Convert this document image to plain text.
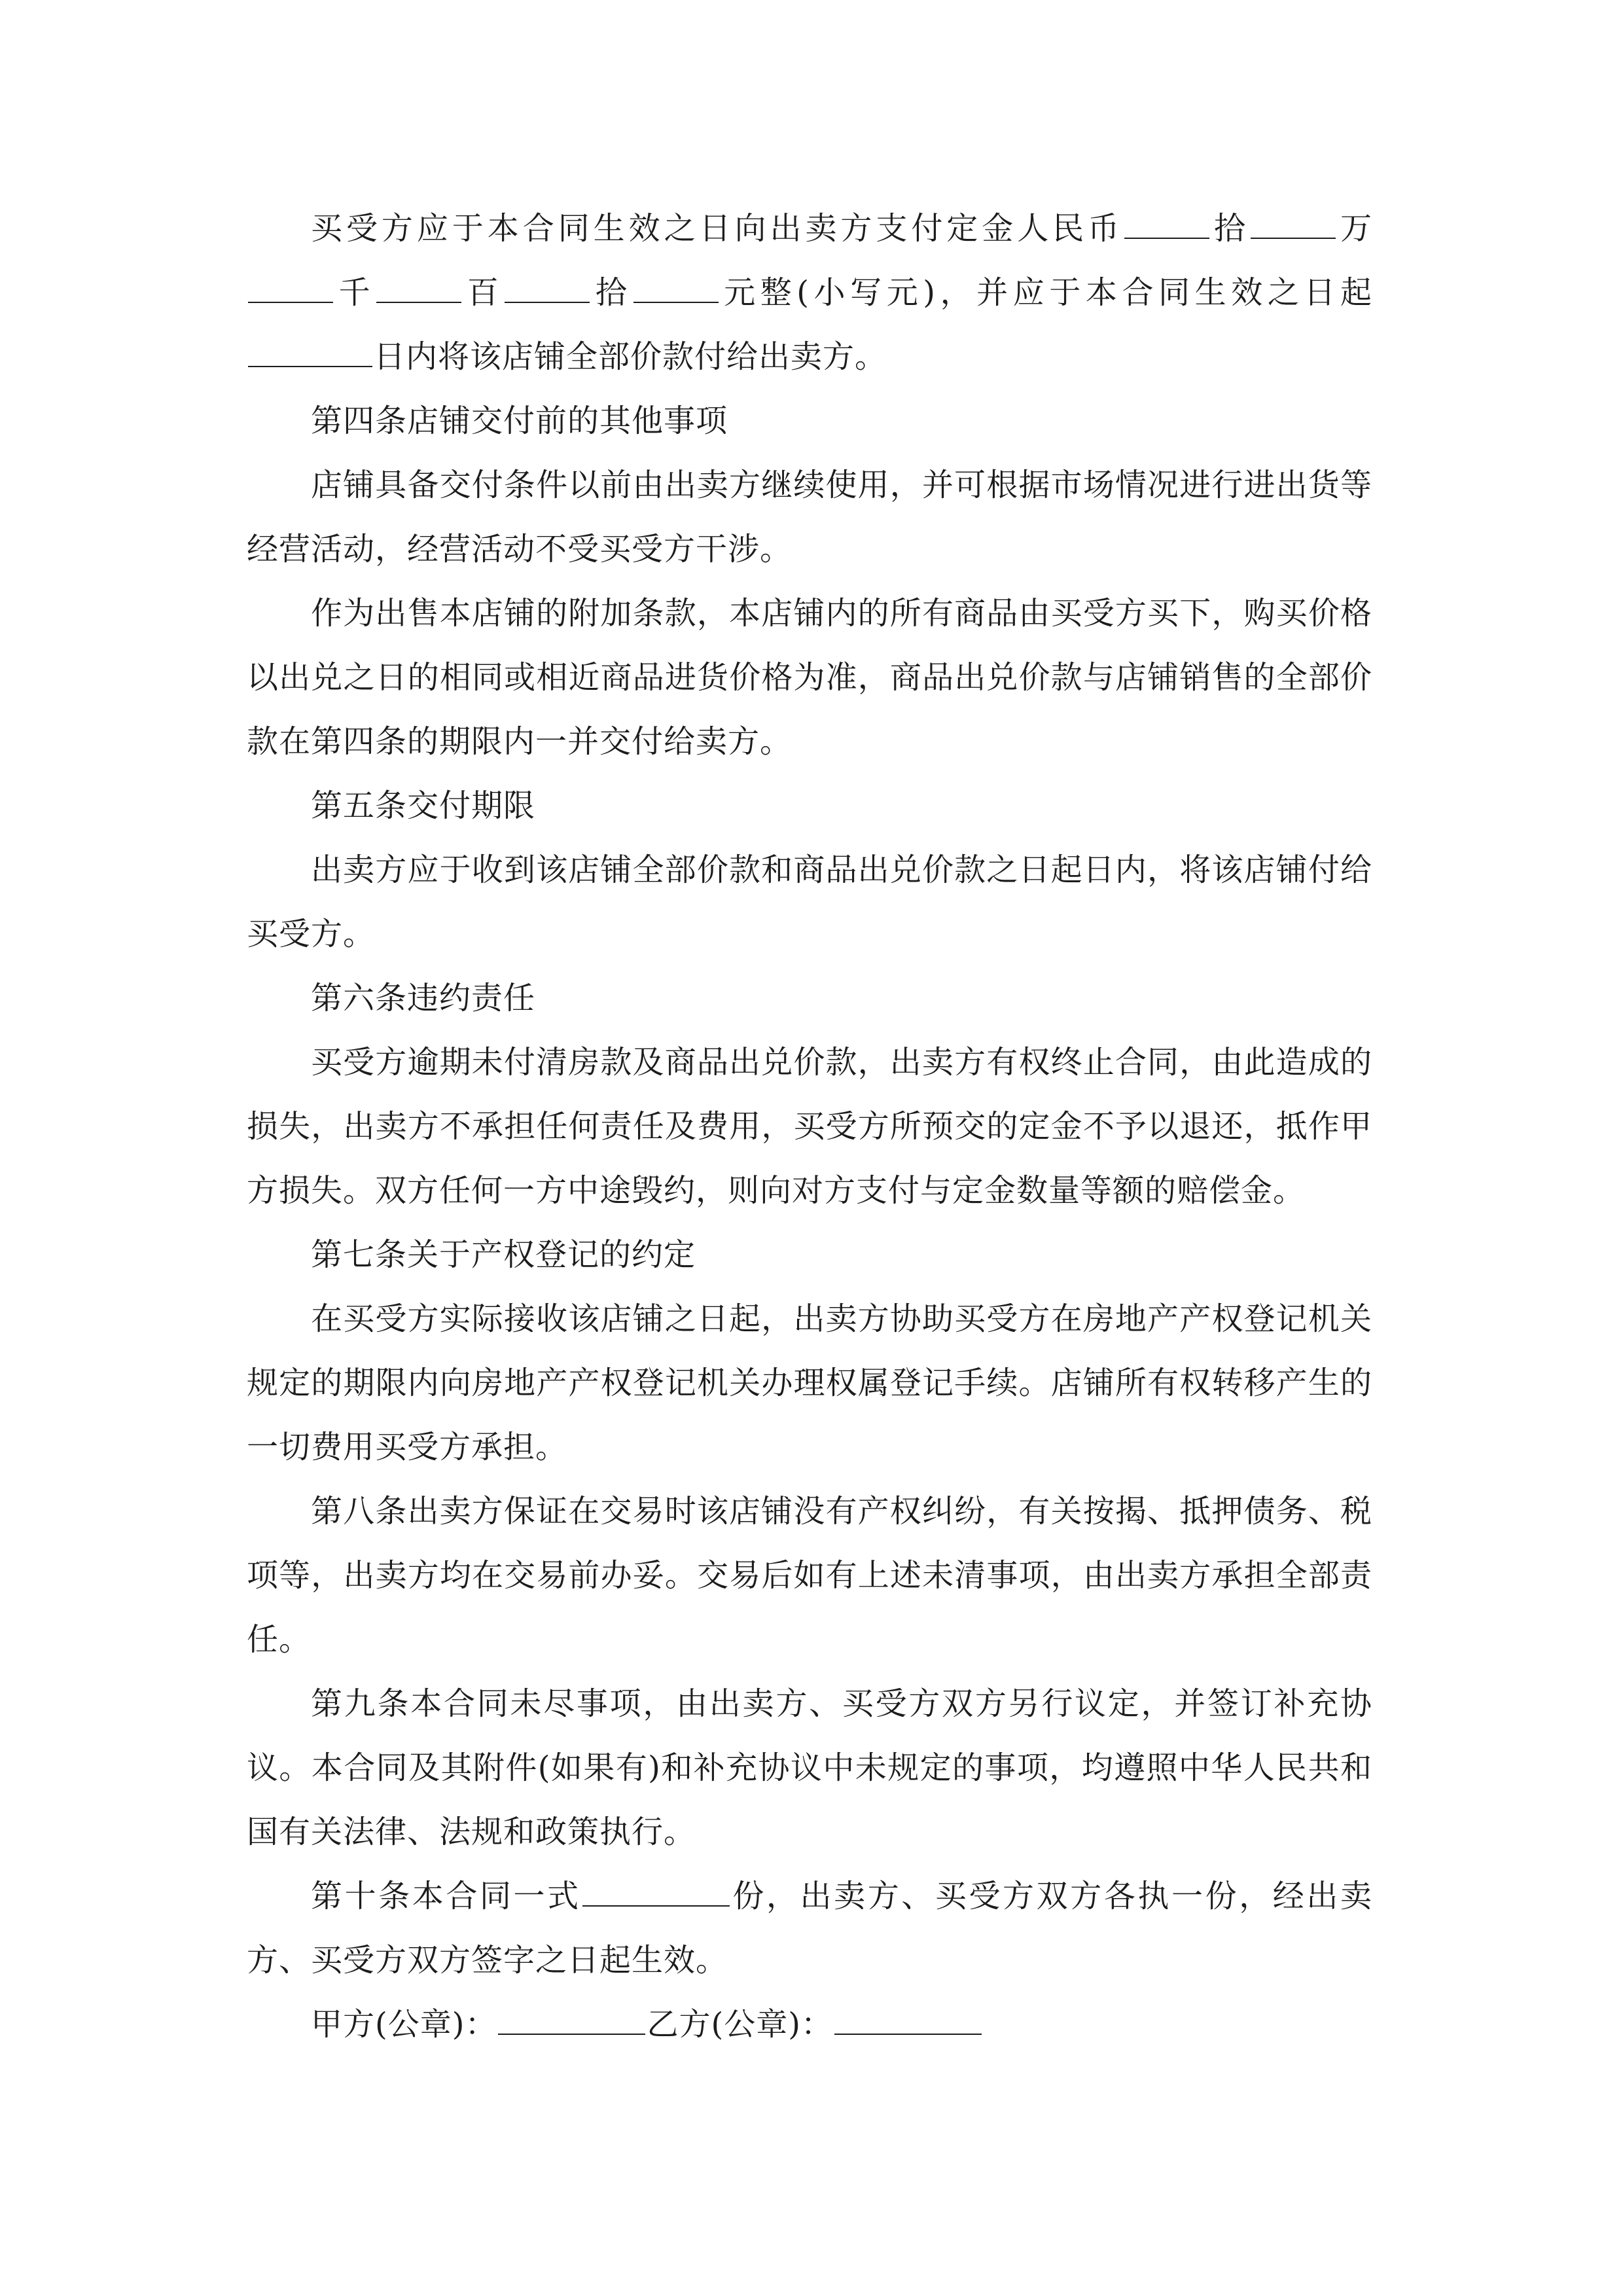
买受方应于本合同生效之日向出卖方支付定金人民币	拾	万千	百	拾	元整(小写元)，并应于本合同生效之日起日内将该店铺全部价款付给出卖方。

第四条店铺交付前的其他事项

店铺具备交付条件以前由出卖方继续使用，并可根据市场情况进行进出货等经营活动，经营活动不受买受方干涉。

作为出售本店铺的附加条款，本店铺内的所有商品由买受方买下，购买价格以出兑之日的相同或相近商品进货价格为准，商品出兑价款与店铺销售的全部价款在第四条的期限内一并交付给卖方。

第五条交付期限

出卖方应于收到该店铺全部价款和商品出兑价款之日起日内，将该店铺付给买受方。

第六条违约责任

买受方逾期未付清房款及商品出兑价款，出卖方有权终止合同，由此造成的损失，出卖方不承担任何责任及费用，买受方所预交的定金不予以退还，抵作甲方损失。双方任何一方中途毁约，则向对方支付与定金数量等额的赔偿金。

第七条关于产权登记的约定

在买受方实际接收该店铺之日起，出卖方协助买受方在房地产产权登记机关规定的期限内向房地产产权登记机关办理权属登记手续。店铺所有权转移产生的一切费用买受方承担。

第八条出卖方保证在交易时该店铺没有产权纠纷，有关按揭、抵押债务、税项等，出卖方均在交易前办妥。交易后如有上述未清事项，由出卖方承担全部责任。

第九条本合同未尽事项，由出卖方、买受方双方另行议定，并签订补充协议。本合同及其附件(如果有)和补充协议中未规定的事项，均遵照中华人民共和国有关法律、法规和政策执行。

第十条本合同一式	份，出卖方、买受方双方各执一份，经出卖方、买受方双方签字之日起生效。

甲方(公章)：	乙方(公章)：
